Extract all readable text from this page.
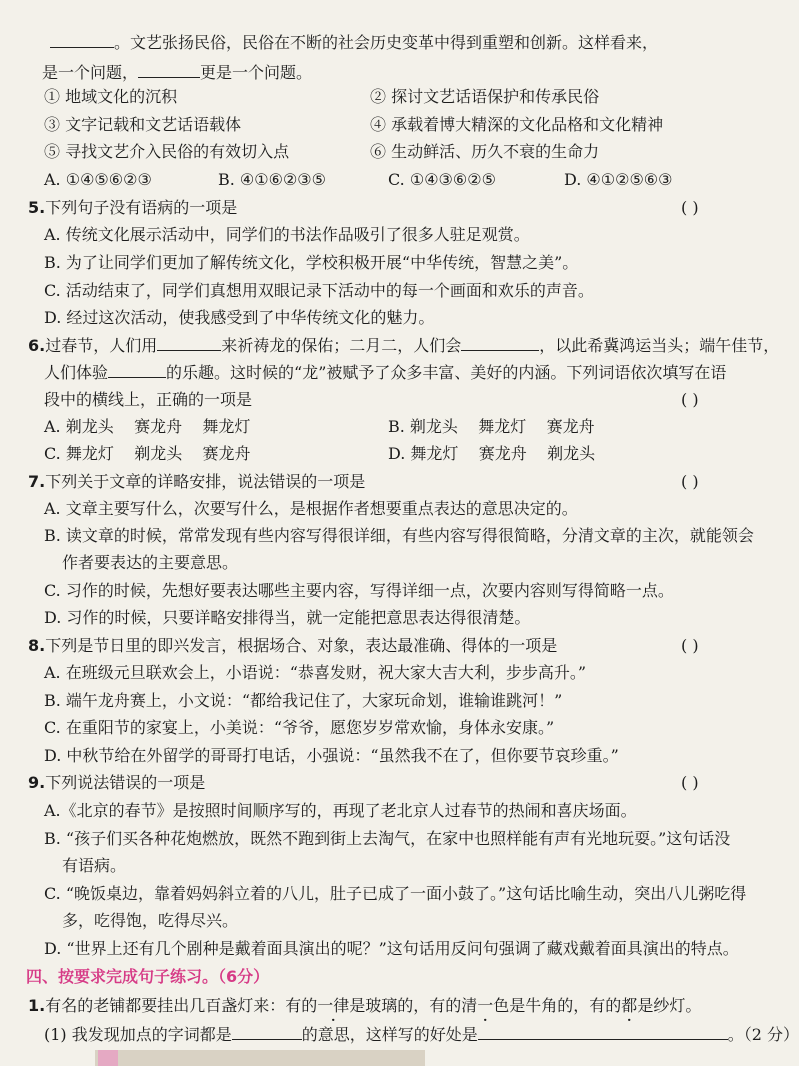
。文艺张扬民俗，民俗在不断的社会历史变革中得到重塑和创新。这样看来，
是一个问题，	更是一个问题。
① 地域文化的沉积	② 探讨文艺话语保护和传承民俗
③ 文字记载和文艺话语载体	④ 承载着博大精深的文化品格和文化精神
⑤ 寻找文艺介入民俗的有效切入点	⑥ 生动鲜活、历久不衰的生命力
A. ①④⑤⑥②③	B. ④①⑥②③⑤	C. ①④③⑥②⑤	D. ④①②⑤⑥③
5.下列句子没有语病的一项是	( )
A. 传统文化展示活动中，同学们的书法作品吸引了很多人驻足观赏。
B. 为了让同学们更加了解传统文化，学校积极开展“中华传统，智慧之美”。
C. 活动结束了，同学们真想用双眼记录下活动中的每一个画面和欢乐的声音。
D. 经过这次活动，使我感受到了中华传统文化的魅力。
6.过春节，人们用	来祈祷龙的保佑；二月二，人们会	，以此希冀鸿运当头；端午佳节，
人们体验	的乐趣。这时候的“龙”被赋予了众多丰富、美好的内涵。下列词语依次填写在语
段中的横线上，正确的一项是	( )
A. 剃龙头    赛龙舟    舞龙灯	B. 剃龙头    舞龙灯    赛龙舟
C. 舞龙灯    剃龙头    赛龙舟	D. 舞龙灯    赛龙舟    剃龙头
7.下列关于文章的详略安排，说法错误的一项是	( )
A. 文章主要写什么，次要写什么，是根据作者想要重点表达的意思决定的。
B. 读文章的时候，常常发现有些内容写得很详细，有些内容写得很简略，分清文章的主次，就能领会
作者要表达的主要意思。
C. 习作的时候，先想好要表达哪些主要内容，写得详细一点，次要内容则写得简略一点。
D. 习作的时候，只要详略安排得当，就一定能把意思表达得很清楚。
8.下列是节日里的即兴发言，根据场合、对象，表达最准确、得体的一项是	( )
A. 在班级元旦联欢会上，小语说：“恭喜发财，祝大家大吉大利，步步高升。”
B. 端午龙舟赛上，小文说：“都给我记住了，大家玩命划，谁输谁跳河！”
C. 在重阳节的家宴上，小美说：“爷爷，愿您岁岁常欢愉，身体永安康。”
D. 中秋节给在外留学的哥哥打电话，小强说：“虽然我不在了，但你要节哀珍重。”
9.下列说法错误的一项是	( )
A.《北京的春节》是按照时间顺序写的，再现了老北京人过春节的热闹和喜庆场面。
B. “孩子们买各种花炮燃放，既然不跑到街上去淘气，在家中也照样能有声有光地玩耍。”这句话没
有语病。
C. “晚饭桌边，靠着妈妈斜立着的八儿，肚子已成了一面小鼓了。”这句话比喻生动，突出八儿粥吃得
多，吃得饱，吃得尽兴。
D. “世界上还有几个剧种是戴着面具演出的呢？”这句话用反问句强调了藏戏戴着面具演出的特点。
四、按要求完成句子练习。（6分）
1.有名的老铺都要挂出几百盏灯来：有的一律是玻璃的，有的清一色是牛角的，有的都是纱灯。
(1) 我发现加点的字词都是	的意思，这样写的好处是	。（2 分）
